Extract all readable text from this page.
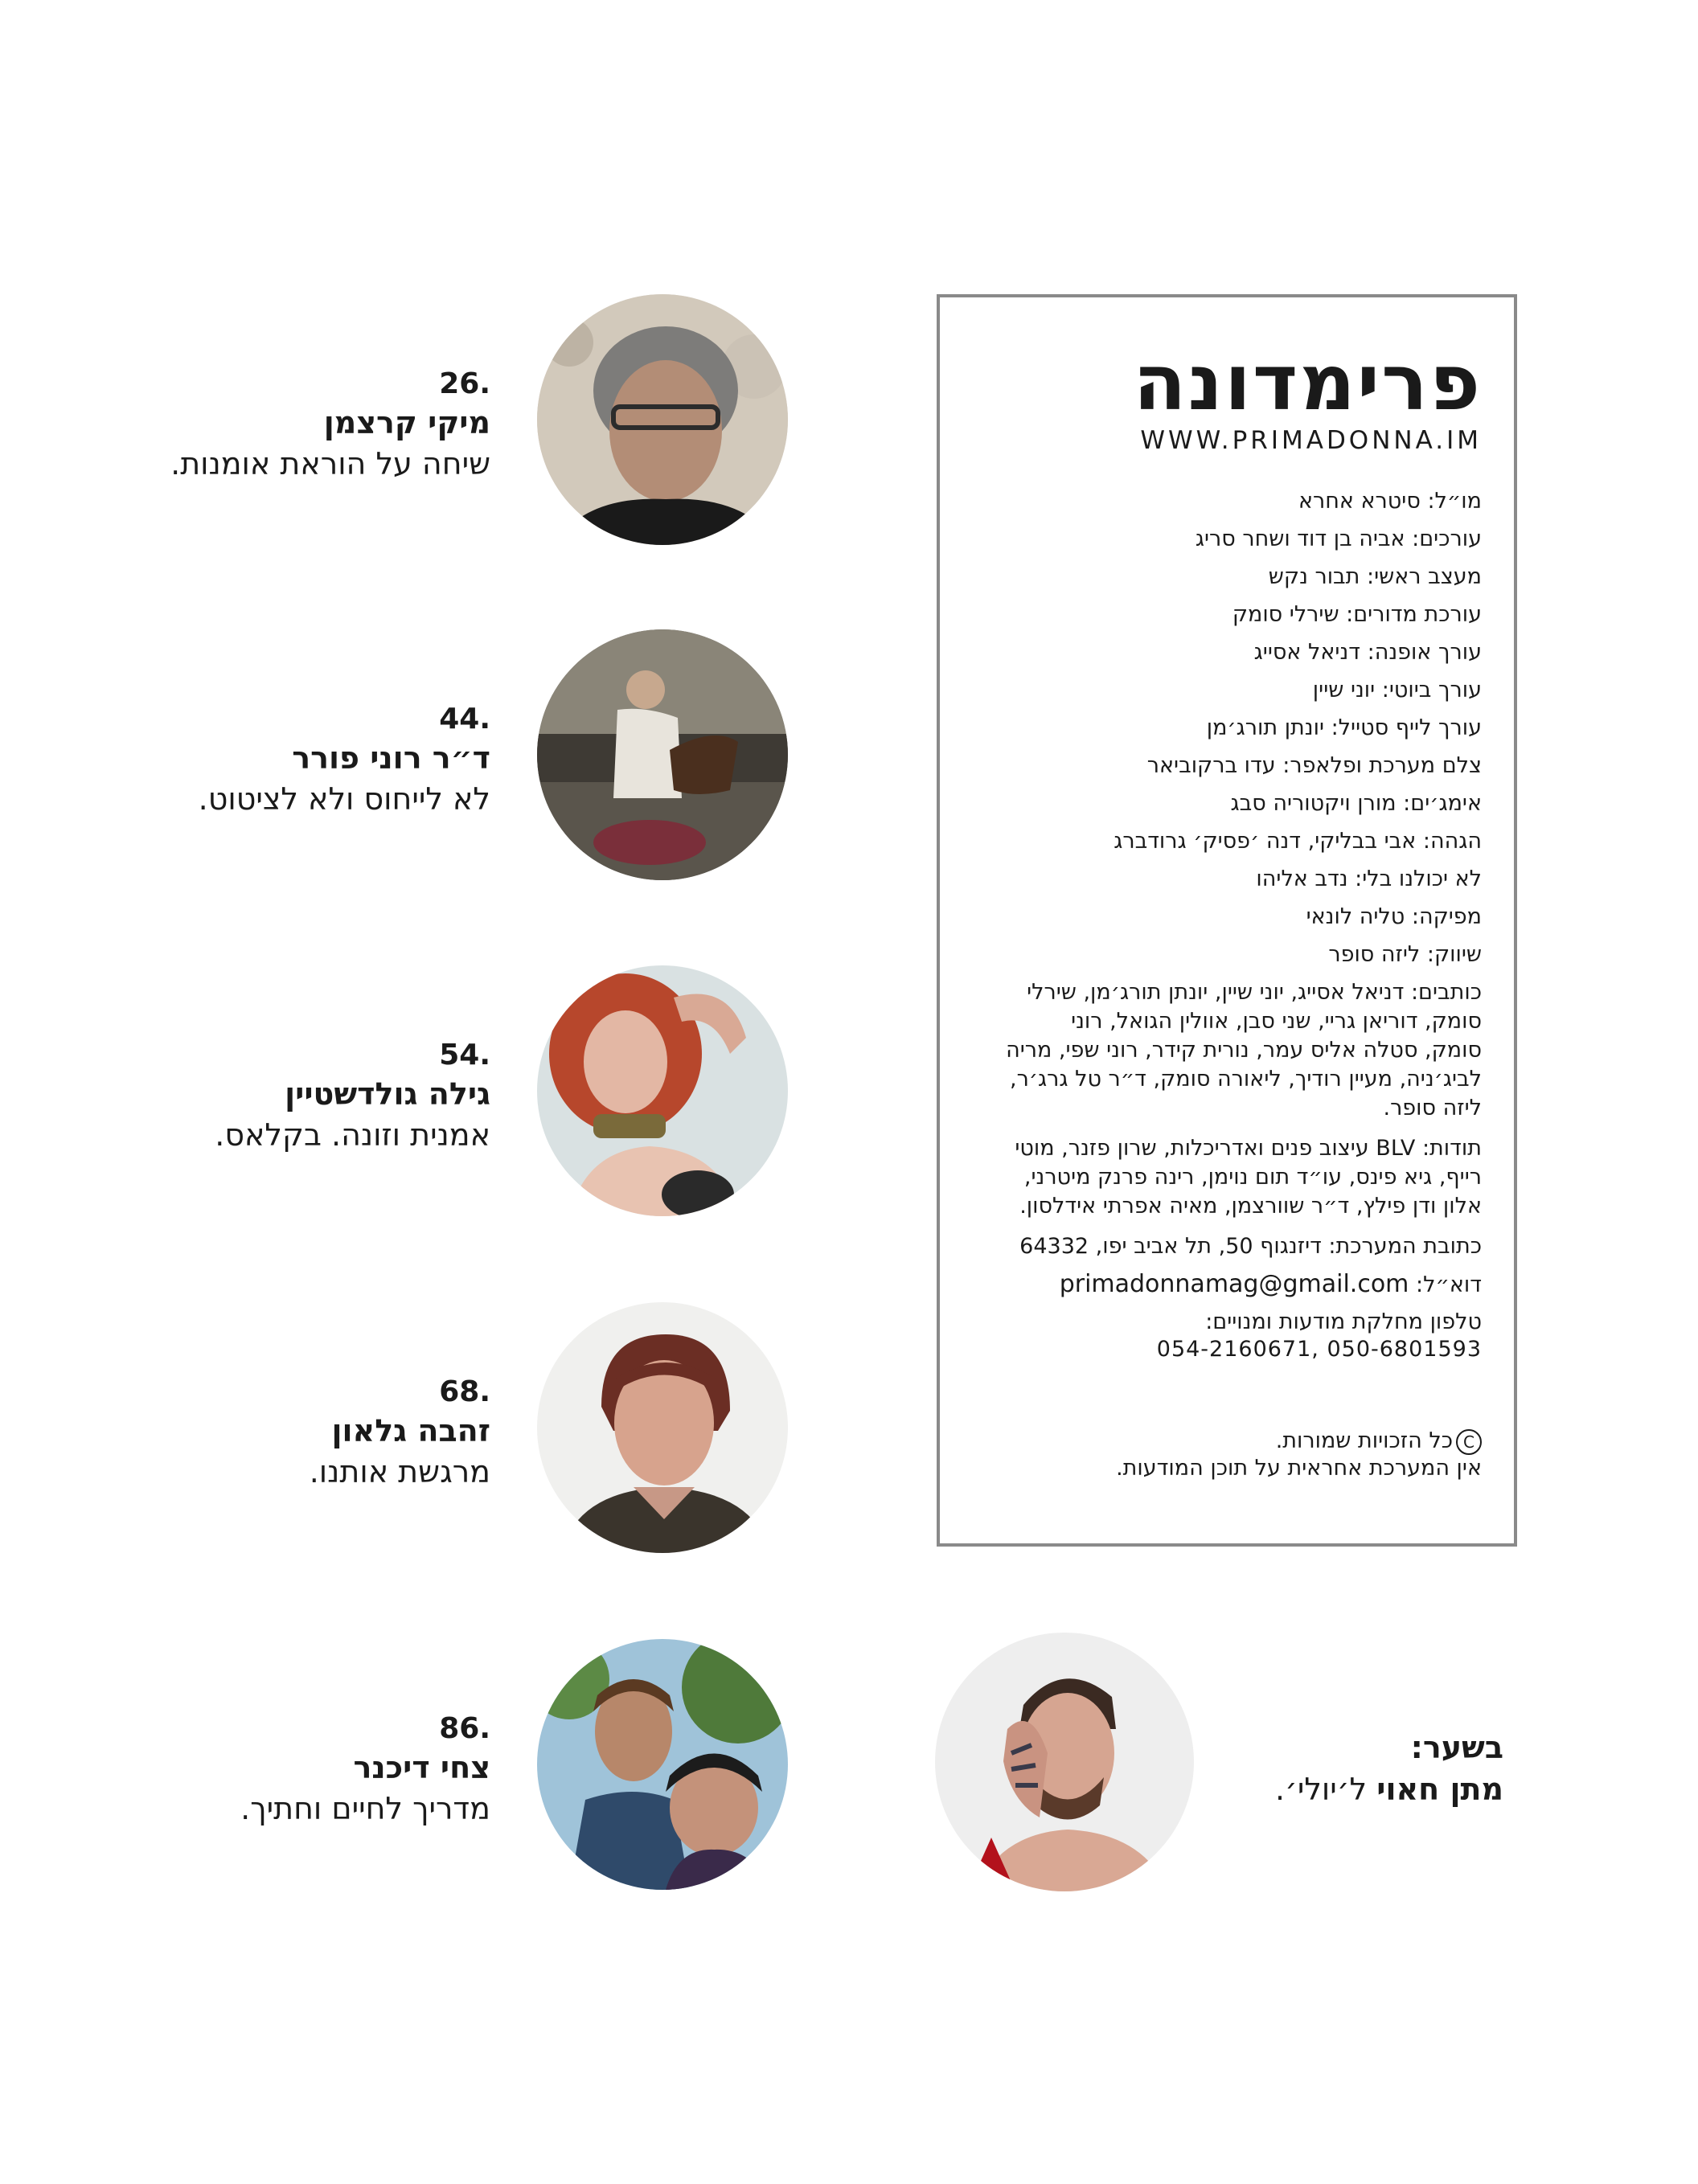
פרימדונה
WWW.PRIMADONNA.IM
מו״ל: סיטרא אחרא
עורכים: אביה בן דוד ושחר סריג
מעצב ראשי: תבור נקש
עורכת מדורים: שירלי סומק
עורך אופנה: דניאל אסייג
עורך ביוטי: יוני שיין
עורך לייף סטייל: יונתן תורג׳מן
צלם מערכת ופלאפר: עדו ברקוביאר
אימג׳ים: מורן ויקטוריה סבג
הגהה: אבי בבליקי, דנה ׳פסיק׳ גרודברג
לא יכולנו בלי: נדב אליהו
מפיקה: טליה לונאי
שיווק: ליזה סופר
כותבים: דניאל אסייג, יוני שיין, יונתן תורג׳מן, שירלי
סומק, דוריאן גריי, שני סבן, אוולין הגואל, רוני
סומק, סטלה אליס עמר, נורית קידר, רוני שפי, מריה
לביג׳ניה, מעיין רודיך, ליאורה סומק, ד״ר טל גרג׳ר,
ליזה סופר.
תודות: BLV עיצוב פנים ואדריכלות, שרון פזנר, מוטי
רייף, גיא פינס, עו״ד תום נוימן, רינה פרנק מיטרני,
אלון ודן פילץ, ד״ר שוורצמן, מאיה אפרתי אידלסון.
כתובת המערכת: דיזנגוף 50, תל אביב יפו, 64332
דוא״ל: primadonnamag@gmail.com
טלפון מחלקת מודעות ומנויים:
050-6801593 ,054-2160671
Cכל הזכויות שמורות.
אין המערכת אחראית על תוכן המודעות.
.26
מיקי קרצמן
שיחה על הוראת אומנות.
.44
ד״ר רוני פורר
לא לייחוס ולא לציטוט.
.54
גילה גולדשטיין
אמנית וזונה. בקלאס.
.68
זהבה גלאון
מרגשת אותנו.
.86
צחי דיכנר
מדריך לחיים וחתיך.
בשער:
מתן חאוי ל׳יולי׳.
